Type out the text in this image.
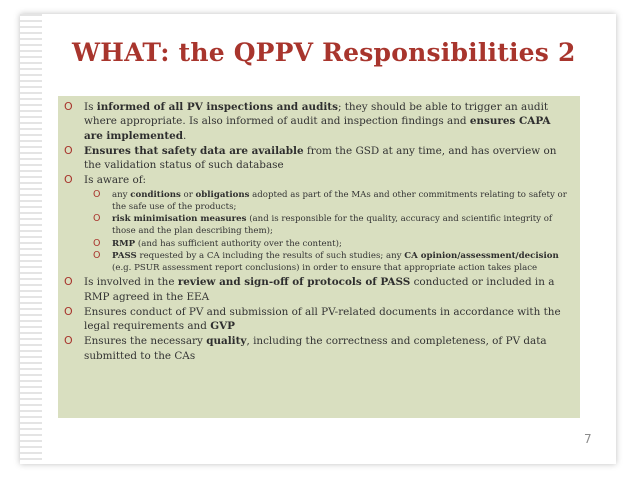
WHAT: the QPPV Responsibilities 2
O Is informed of all PV inspections and audits; they should be able to trigger an audit where appropriate. Is also informed of audit and inspection findings and ensures CAPA are implemented.
O Ensures that safety data are available from the GSD at any time, and has overview on the validation status of such database
O Is aware of:
O any conditions or obligations adopted as part of the MAs and other commitments relating to safety or the safe use of the products;
O risk minimisation measures (and is responsible for the quality, accuracy and scientific integrity of those and the plan describing them);
O RMP (and has sufficient authority over the content);
O PASS requested by a CA including the results of such studies; any CA opinion/assessment/decision (e.g. PSUR assessment report conclusions) in order to ensure that appropriate action takes place
O Is involved in the review and sign-off of protocols of PASS conducted or included in a RMP agreed in the EEA
O Ensures conduct of PV and submission of all PV-related documents in accordance with the legal requirements and GVP
O Ensures the necessary quality, including the correctness and completeness, of PV data submitted to the CAs
7
